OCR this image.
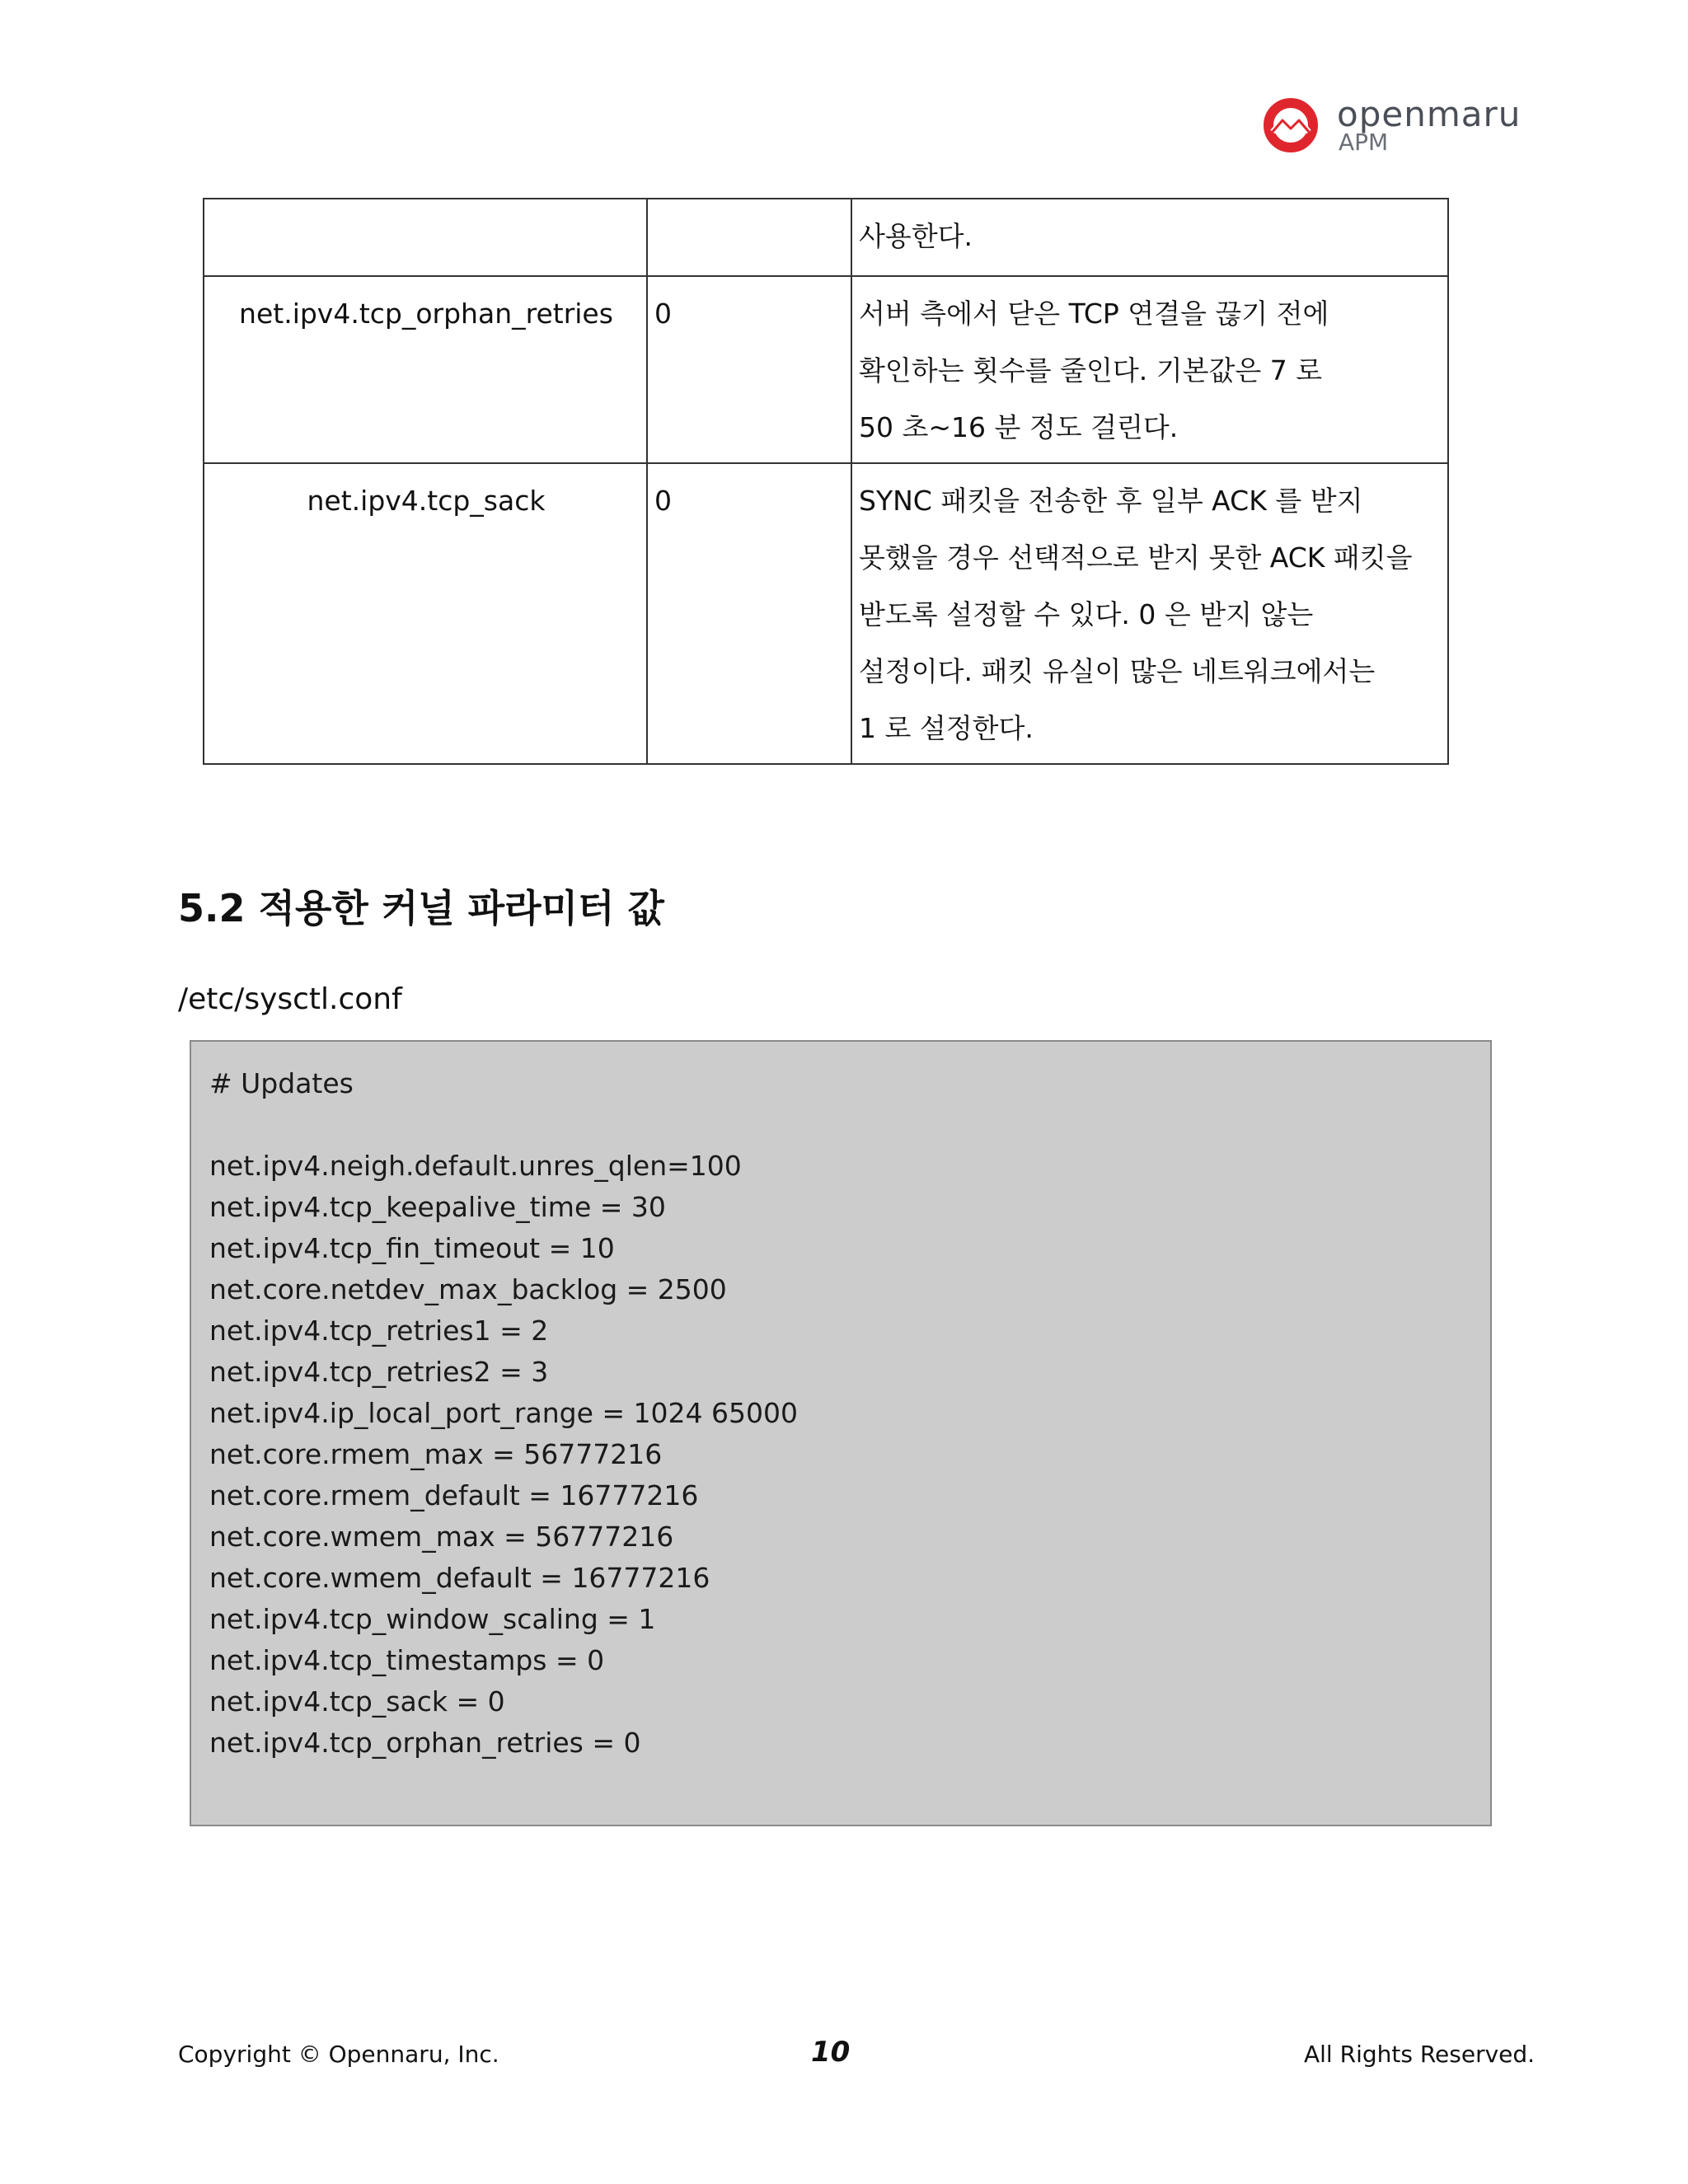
openmaru
APM

		사용한다.

net.ipv4.tcp_orphan_retries	0	서버 측에서 닫은 TCP 연결을 끊기 전에
확인하는 횟수를 줄인다. 기본값은 7 로
50 초~16 분 정도 걸린다.

net.ipv4.tcp_sack	0	SYNC 패킷을 전송한 후 일부 ACK 를 받지
못했을 경우 선택적으로 받지 못한 ACK 패킷을
받도록 설정할 수 있다. 0 은 받지 않는
설정이다. 패킷 유실이 많은 네트워크에서는
1 로 설정한다.
5.2 적용한 커널 파라미터 값
/etc/sysctl.conf
# Updates
net.ipv4.neigh.default.unres_qlen=100
net.ipv4.tcp_keepalive_time = 30
net.ipv4.tcp_fin_timeout = 10
net.core.netdev_max_backlog = 2500
net.ipv4.tcp_retries1 = 2
net.ipv4.tcp_retries2 = 3
net.ipv4.ip_local_port_range = 1024 65000
net.core.rmem_max = 56777216
net.core.rmem_default = 16777216
net.core.wmem_max = 56777216
net.core.wmem_default = 16777216
net.ipv4.tcp_window_scaling = 1
net.ipv4.tcp_timestamps = 0
net.ipv4.tcp_sack = 0
net.ipv4.tcp_orphan_retries = 0
Copyright © Opennaru, Inc.	10	All Rights Reserved.
